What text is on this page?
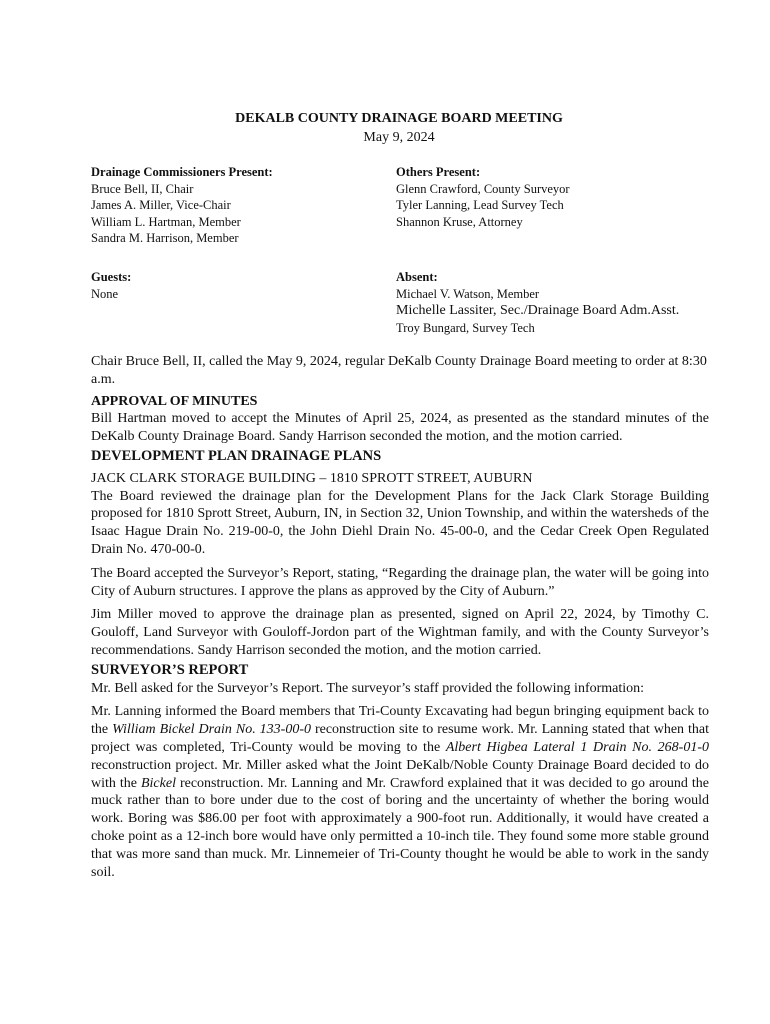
DEKALB COUNTY DRAINAGE BOARD MEETING
May 9, 2024
Drainage Commissioners Present:
Bruce Bell, II, Chair
James A. Miller, Vice-Chair
William L. Hartman, Member
Sandra M. Harrison, Member
Others Present:
Glenn Crawford, County Surveyor
Tyler Lanning, Lead Survey Tech
Shannon Kruse, Attorney
Guests:
None
Absent:
Michael V. Watson, Member
Michelle Lassiter, Sec./Drainage Board Adm.Asst.
Troy Bungard, Survey Tech

Chair Bruce Bell, II, called the May 9, 2024, regular DeKalb County Drainage Board meeting to order at 8:30 a.m.

APPROVAL OF MINUTES

Bill Hartman moved to accept the Minutes of April 25, 2024, as presented as the standard minutes of the DeKalb County Drainage Board. Sandy Harrison seconded the motion, and the motion carried.

DEVELOPMENT PLAN DRAINAGE PLANS

JACK CLARK STORAGE BUILDING – 1810 SPROTT STREET, AUBURN

The Board reviewed the drainage plan for the Development Plans for the Jack Clark Storage Building proposed for 1810 Sprott Street, Auburn, IN, in Section 32, Union Township, and within the watersheds of the Isaac Hague Drain No. 219-00-0, the John Diehl Drain No. 45-00-0, and the Cedar Creek Open Regulated Drain No. 470-00-0.

The Board accepted the Surveyor’s Report, stating, “Regarding the drainage plan, the water will be going into City of Auburn structures. I approve the plans as approved by the City of Auburn.”

Jim Miller moved to approve the drainage plan as presented, signed on April 22, 2024, by Timothy C. Gouloff, Land Surveyor with Gouloff-Jordon part of the Wightman family, and with the County Surveyor’s recommendations. Sandy Harrison seconded the motion, and the motion carried.

SURVEYOR’S REPORT

Mr. Bell asked for the Surveyor’s Report. The surveyor’s staff provided the following information:

Mr. Lanning informed the Board members that Tri-County Excavating had begun bringing equipment back to the William Bickel Drain No. 133-00-0 reconstruction site to resume work. Mr. Lanning stated that when that project was completed, Tri-County would be moving to the Albert Higbea Lateral 1 Drain No. 268-01-0 reconstruction project. Mr. Miller asked what the Joint DeKalb/Noble County Drainage Board decided to do with the Bickel reconstruction. Mr. Lanning and Mr. Crawford explained that it was decided to go around the muck rather than to bore under due to the cost of boring and the uncertainty of whether the boring would work. Boring was $86.00 per foot with approximately a 900-foot run. Additionally, it would have created a choke point as a 12-inch bore would have only permitted a 10-inch tile. They found some more stable ground that was more sand than muck. Mr. Linnemeier of Tri-County thought he would be able to work in the sandy soil.
